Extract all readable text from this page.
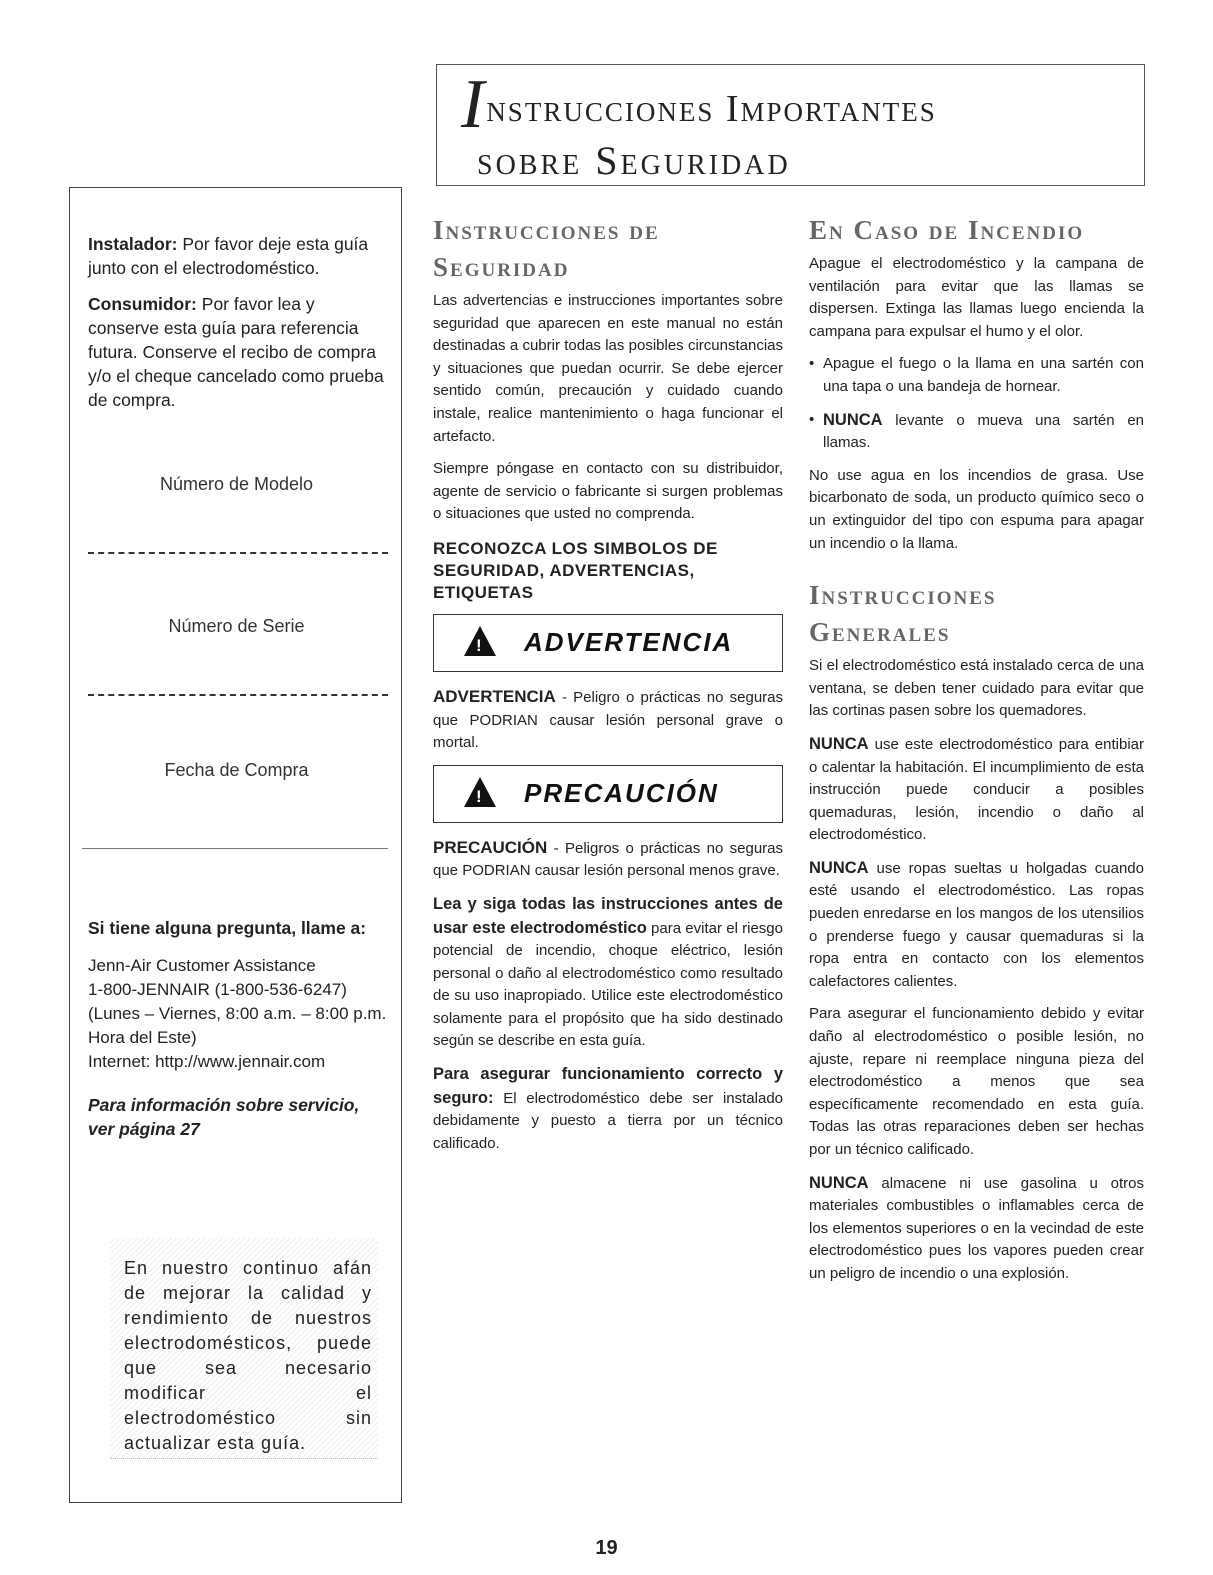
Instrucciones Importantes
sobre Seguridad
Instalador: Por favor deje esta guía junto con el electrodoméstico.
Consumidor: Por favor lea y conserve esta guía para referencia futura. Conserve el recibo de compra y/o el cheque cancelado como prueba de compra.
Número de Modelo
Número de Serie
Fecha de Compra
Si tiene alguna pregunta, llame a:
Jenn-Air Customer Assistance
1-800-JENNAIR (1-800-536-6247)
(Lunes – Viernes, 8:00 a.m. – 8:00 p.m. Hora del Este)
Internet: http://www.jennair.com
Para información sobre servicio, ver página 27

En nuestro continuo afán de mejorar la calidad y rendimiento de nuestros electrodomésticos, puede que sea necesario modificar el electrodoméstico sin actualizar esta guía.

Instrucciones de Seguridad

Las advertencias e instrucciones importantes sobre seguridad que aparecen en este manual no están destinadas a cubrir todas las posibles circunstancias y situaciones que puedan ocurrir. Se debe ejercer sentido común, precaución y cuidado cuando instale, realice mantenimiento o haga funcionar el artefacto.

Siempre póngase en contacto con su distribuidor, agente de servicio o fabricante si surgen problemas o situaciones que usted no comprenda.

RECONOZCA LOS SIMBOLOS DE SEGURIDAD, ADVERTENCIAS, ETIQUETAS
! ADVERTENCIA

ADVERTENCIA - Peligro o prácticas no seguras que PODRIAN causar lesión personal grave o mortal.

! PRECAUCIÓN

PRECAUCIÓN - Peligros o prácticas no seguras que PODRIAN causar lesión personal menos grave.

Lea y siga todas las instrucciones antes de usar este electrodoméstico para evitar el riesgo potencial de incendio, choque eléctrico, lesión personal o daño al electrodoméstico como resultado de su uso inapropiado. Utilice este electrodoméstico solamente para el propósito que ha sido destinado según se describe en esta guía.

Para asegurar funcionamiento correcto y seguro: El electrodoméstico debe ser instalado debidamente y puesto a tierra por un técnico calificado.

En Caso de Incendio

Apague el electrodoméstico y la campana de ventilación para evitar que las llamas se dispersen. Extinga las llamas luego encienda la campana para expulsar el humo y el olor.

• Apague el fuego o la llama en una sartén con una tapa o una bandeja de hornear.

• NUNCA levante o mueva una sartén en llamas.

No use agua en los incendios de grasa. Use bicarbonato de soda, un producto químico seco o un extinguidor del tipo con espuma para apagar un incendio o la llama.

Instrucciones Generales

Si el electrodoméstico está instalado cerca de una ventana, se deben tener cuidado para evitar que las cortinas pasen sobre los quemadores.

NUNCA use este electrodoméstico para entibiar o calentar la habitación. El incumplimiento de esta instrucción puede conducir a posibles quemaduras, lesión, incendio o daño al electrodoméstico.

NUNCA use ropas sueltas u holgadas cuando esté usando el electrodoméstico. Las ropas pueden enredarse en los mangos de los utensilios o prenderse fuego y causar quemaduras si la ropa entra en contacto con los elementos calefactores calientes.

Para asegurar el funcionamiento debido y evitar daño al electrodoméstico o posible lesión, no ajuste, repare ni reemplace ninguna pieza del electrodoméstico a menos que sea específicamente recomendado en esta guía. Todas las otras reparaciones deben ser hechas por un técnico calificado.

NUNCA almacene ni use gasolina u otros materiales combustibles o inflamables cerca de los elementos superiores o en la vecindad de este electrodoméstico pues los vapores pueden crear un peligro de incendio o una explosión.

19
